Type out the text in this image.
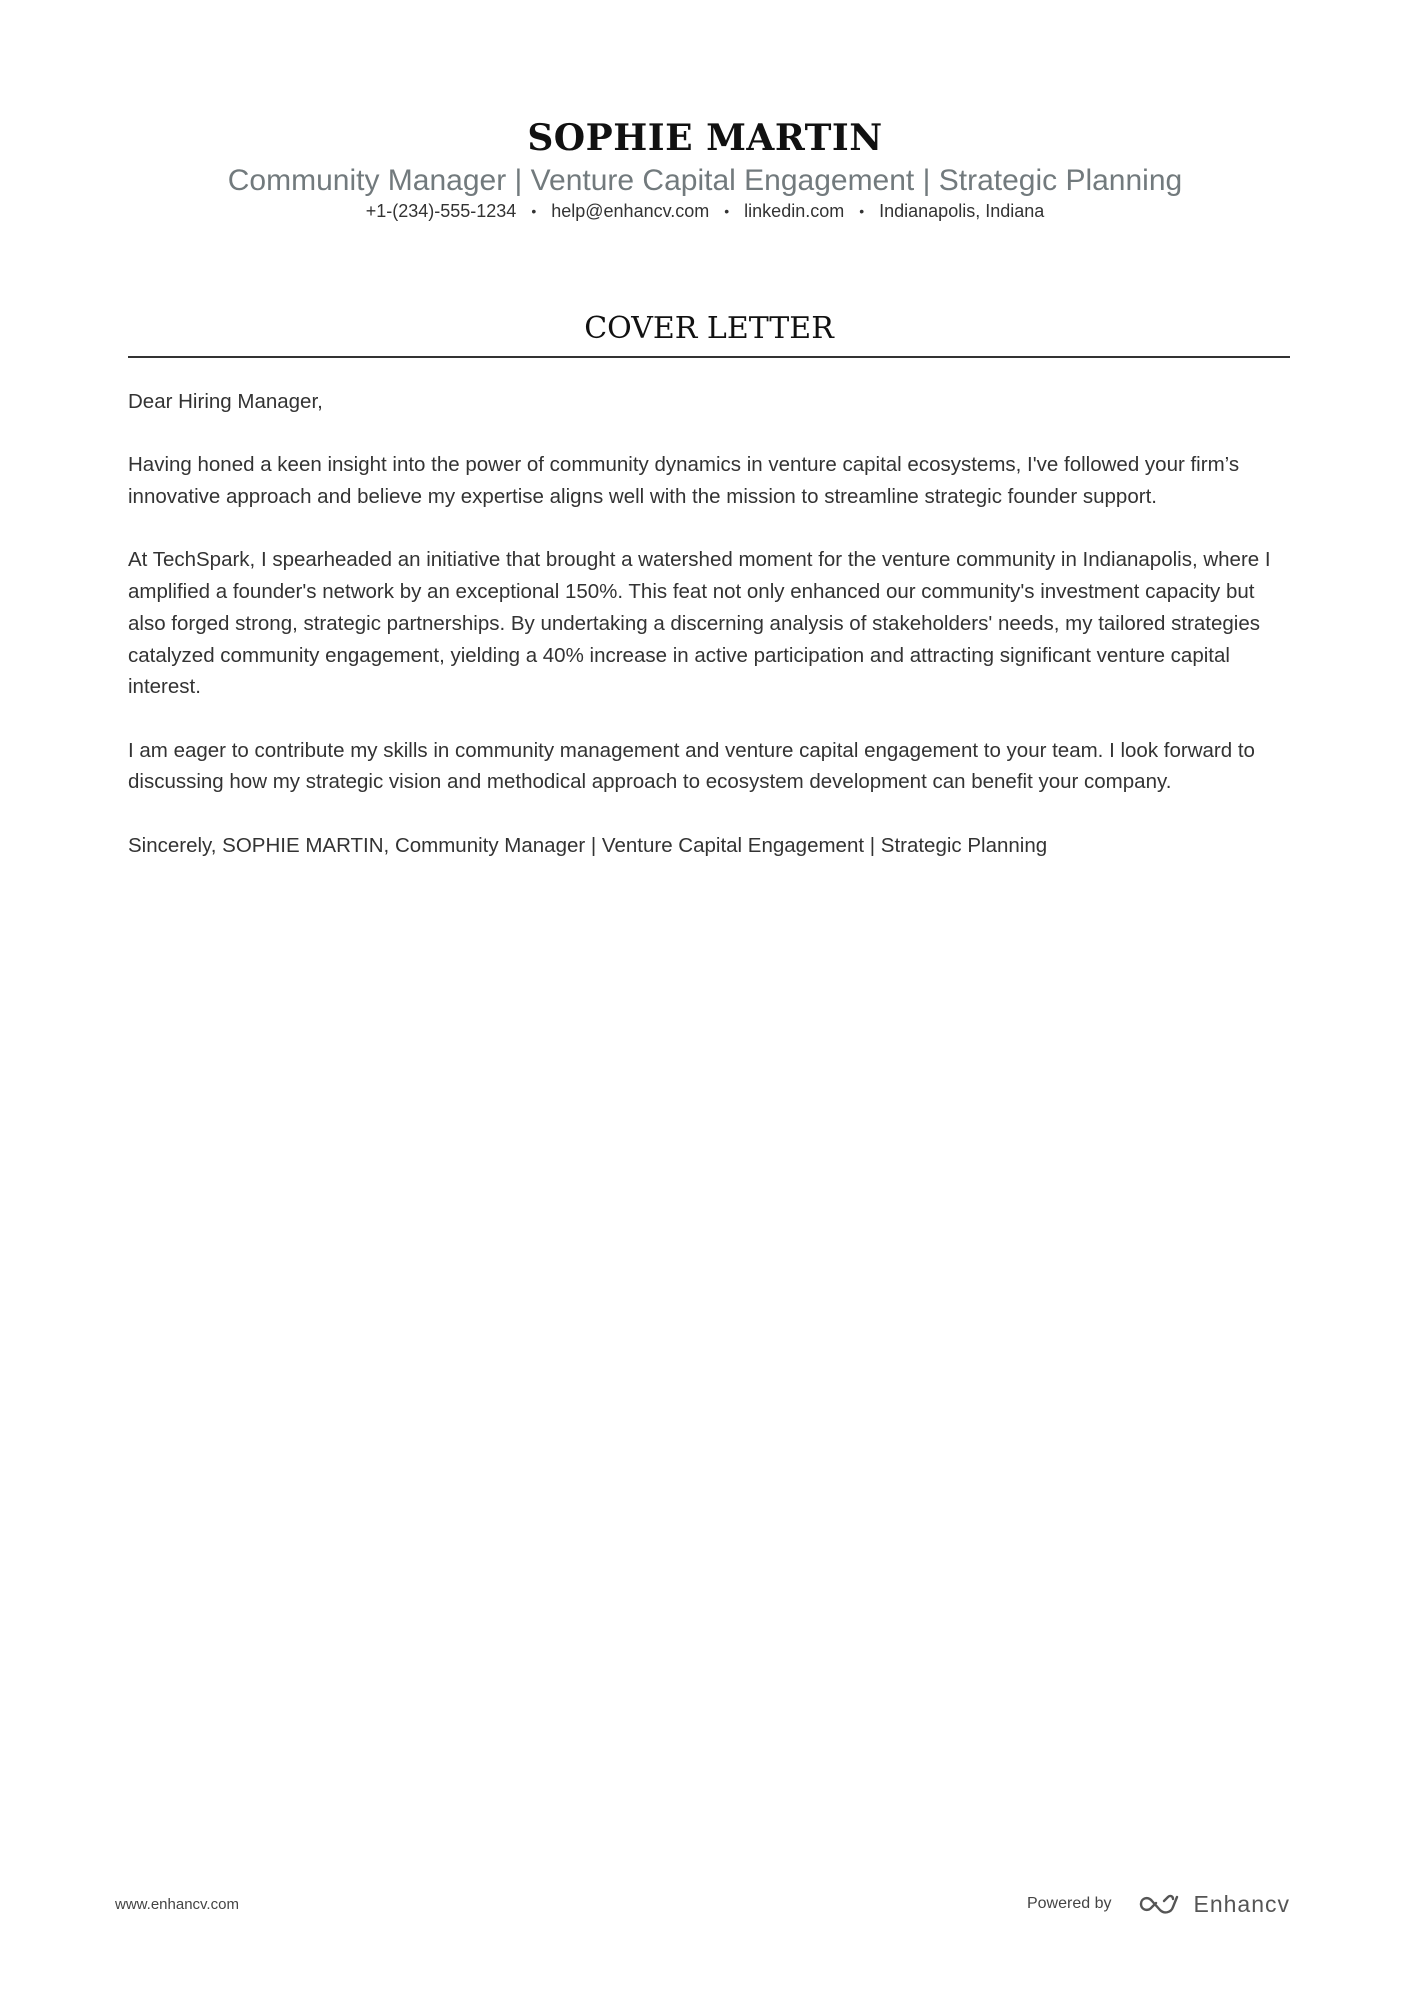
SOPHIE MARTIN
Community Manager | Venture Capital Engagement | Strategic Planning
+1-(234)-555-1234 • help@enhancv.com • linkedin.com • Indianapolis, Indiana
COVER LETTER

Dear Hiring Manager,

Having honed a keen insight into the power of community dynamics in venture capital ecosystems, I've followed your firm’s innovative approach and believe my expertise aligns well with the mission to streamline strategic founder support.

At TechSpark, I spearheaded an initiative that brought a watershed moment for the venture community in Indianapolis, where I amplified a founder's network by an exceptional 150%. This feat not only enhanced our community's investment capacity but also forged strong, strategic partnerships. By undertaking a discerning analysis of stakeholders' needs, my tailored strategies catalyzed community engagement, yielding a 40% increase in active participation and attracting significant venture capital interest.

I am eager to contribute my skills in community management and venture capital engagement to your team. I look forward to discussing how my strategic vision and methodical approach to ecosystem development can benefit your company.

Sincerely, SOPHIE MARTIN, Community Manager | Venture Capital Engagement | Strategic Planning

www.enhancv.com	Powered by	Enhancv
